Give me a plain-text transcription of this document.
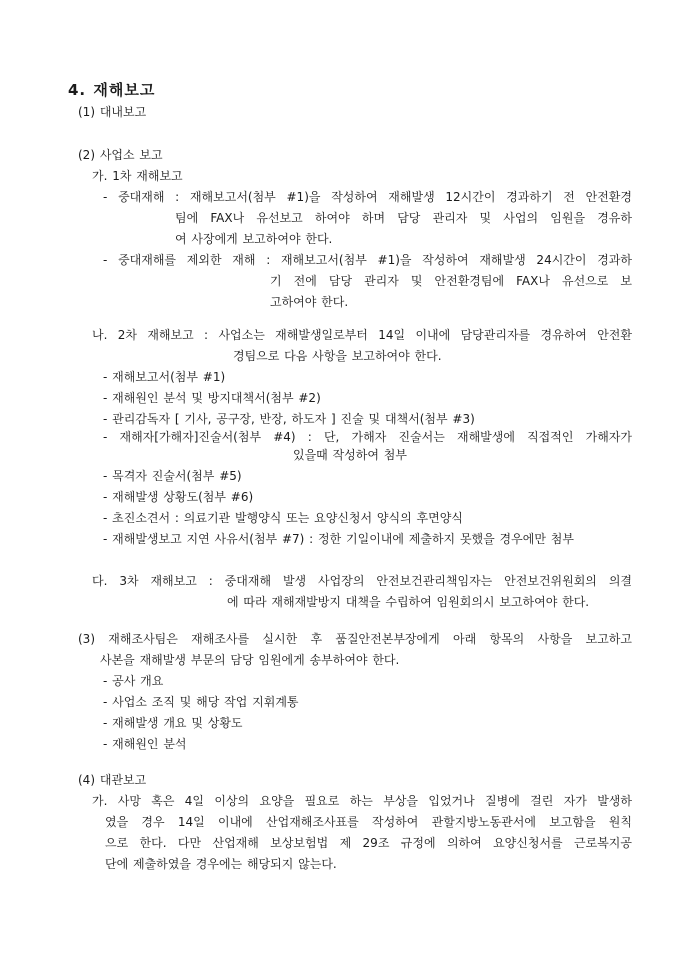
4. 재해보고
(1) 대내보고
(2) 사업소 보고
가. 1차 재해보고
- 중대재해 : 재해보고서(첨부 #1)을 작성하여 재해발생 12시간이 경과하기 전 안전환경
팀에 FAX나 유선보고 하여야 하며 담당 관리자 및 사업의 임원을 경유하
여 사장에게 보고하여야 한다.
- 중대재해를 제외한 재해 : 재해보고서(첨부 #1)을 작성하여 재해발생 24시간이 경과하
기 전에 담당 관리자 및 안전환경팀에 FAX나 유선으로 보
고하여야 한다.
나. 2차 재해보고 : 사업소는 재해발생일로부터 14일 이내에 담당관리자를 경유하여 안전환
경팀으로 다음 사항을 보고하여야 한다.
- 재해보고서(첨부 #1)
- 재해원인 분석 및 방지대책서(첨부 #2)
- 관리감독자 [ 기사, 공구장, 반장, 하도자 ] 진술 및 대책서(첨부 #3)
- 재해자[가해자]진술서(첨부 #4) : 단, 가해자 진술서는 재해발생에 직접적인 가해자가
있을때 작성하여 첨부
- 목격자 진술서(첨부 #5)
- 재해발생 상황도(첨부 #6)
- 초진소견서 : 의료기관 발행양식 또는 요양신청서 양식의 후면양식
- 재해발생보고 지연 사유서(첨부 #7) : 정한 기일이내에 제출하지 못했을 경우에만 첨부
다. 3차 재해보고 : 중대재해 발생 사업장의 안전보건관리책임자는 안전보건위원회의 의결
에 따라 재해재발방지 대책을 수립하여 임원회의시 보고하여야 한다.
(3) 재해조사팀은 재해조사를 실시한 후 품질안전본부장에게 아래 항목의 사항을 보고하고
사본을 재해발생 부문의 담당 임원에게 송부하여야 한다.
- 공사 개요
- 사업소 조직 및 해당 작업 지휘계통
- 재해발생 개요 및 상황도
- 재해원인 분석
(4) 대관보고
가. 사망 혹은 4일 이상의 요양을 필요로 하는 부상을 입었거나 질병에 걸린 자가 발생하
였을 경우 14일 이내에 산업재해조사표를 작성하여 관할지방노동관서에 보고함을 원칙
으로 한다. 다만 산업재해 보상보험법 제 29조 규정에 의하여 요양신청서를 근로복지공
단에 제출하였을 경우에는 해당되지 않는다.
